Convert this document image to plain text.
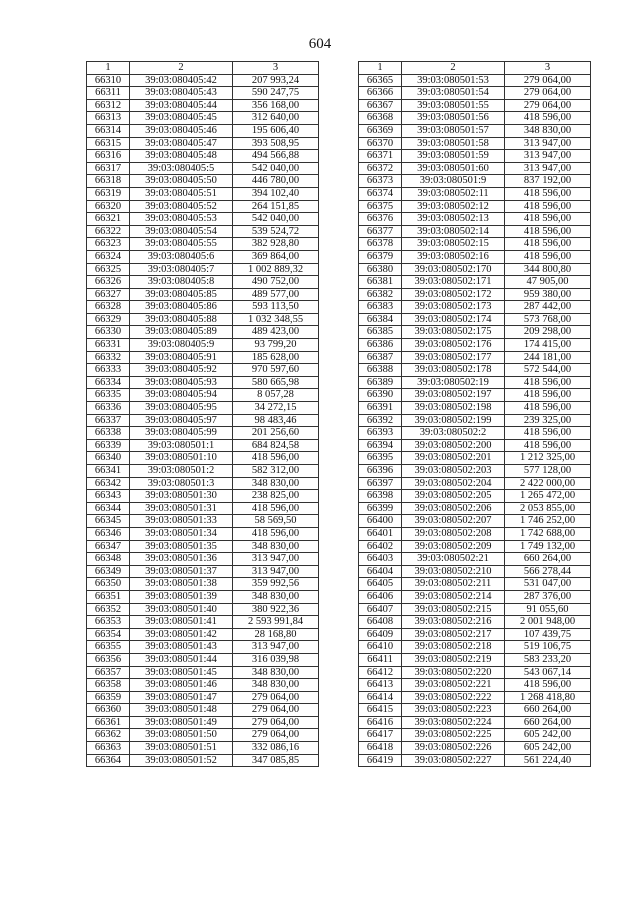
604
1	2	3
66310	39:03:080405:42	207 993,24
66311	39:03:080405:43	590 247,75
66312	39:03:080405:44	356 168,00
66313	39:03:080405:45	312 640,00
66314	39:03:080405:46	195 606,40
66315	39:03:080405:47	393 508,95
66316	39:03:080405:48	494 566,88
66317	39:03:080405:5	542 040,00
66318	39:03:080405:50	446 780,00
66319	39:03:080405:51	394 102,40
66320	39:03:080405:52	264 151,85
66321	39:03:080405:53	542 040,00
66322	39:03:080405:54	539 524,72
66323	39:03:080405:55	382 928,80
66324	39:03:080405:6	369 864,00
66325	39:03:080405:7	1 002 889,32
66326	39:03:080405:8	490 752,00
66327	39:03:080405:85	489 577,00
66328	39:03:080405:86	593 113,50
66329	39:03:080405:88	1 032 348,55
66330	39:03:080405:89	489 423,00
66331	39:03:080405:9	93 799,20
66332	39:03:080405:91	185 628,00
66333	39:03:080405:92	970 597,60
66334	39:03:080405:93	580 665,98
66335	39:03:080405:94	8 057,28
66336	39:03:080405:95	34 272,15
66337	39:03:080405:97	98 483,46
66338	39:03:080405:99	201 256,60
66339	39:03:080501:1	684 824,58
66340	39:03:080501:10	418 596,00
66341	39:03:080501:2	582 312,00
66342	39:03:080501:3	348 830,00
66343	39:03:080501:30	238 825,00
66344	39:03:080501:31	418 596,00
66345	39:03:080501:33	58 569,50
66346	39:03:080501:34	418 596,00
66347	39:03:080501:35	348 830,00
66348	39:03:080501:36	313 947,00
66349	39:03:080501:37	313 947,00
66350	39:03:080501:38	359 992,56
66351	39:03:080501:39	348 830,00
66352	39:03:080501:40	380 922,36
66353	39:03:080501:41	2 593 991,84
66354	39:03:080501:42	28 168,80
66355	39:03:080501:43	313 947,00
66356	39:03:080501:44	316 039,98
66357	39:03:080501:45	348 830,00
66358	39:03:080501:46	348 830,00
66359	39:03:080501:47	279 064,00
66360	39:03:080501:48	279 064,00
66361	39:03:080501:49	279 064,00
66362	39:03:080501:50	279 064,00
66363	39:03:080501:51	332 086,16
66364	39:03:080501:52	347 085,85
1	2	3
66365	39:03:080501:53	279 064,00
66366	39:03:080501:54	279 064,00
66367	39:03:080501:55	279 064,00
66368	39:03:080501:56	418 596,00
66369	39:03:080501:57	348 830,00
66370	39:03:080501:58	313 947,00
66371	39:03:080501:59	313 947,00
66372	39:03:080501:60	313 947,00
66373	39:03:080501:9	837 192,00
66374	39:03:080502:11	418 596,00
66375	39:03:080502:12	418 596,00
66376	39:03:080502:13	418 596,00
66377	39:03:080502:14	418 596,00
66378	39:03:080502:15	418 596,00
66379	39:03:080502:16	418 596,00
66380	39:03:080502:170	344 800,80
66381	39:03:080502:171	47 905,00
66382	39:03:080502:172	959 380,00
66383	39:03:080502:173	287 442,00
66384	39:03:080502:174	573 768,00
66385	39:03:080502:175	209 298,00
66386	39:03:080502:176	174 415,00
66387	39:03:080502:177	244 181,00
66388	39:03:080502:178	572 544,00
66389	39:03:080502:19	418 596,00
66390	39:03:080502:197	418 596,00
66391	39:03:080502:198	418 596,00
66392	39:03:080502:199	239 325,00
66393	39:03:080502:2	418 596,00
66394	39:03:080502:200	418 596,00
66395	39:03:080502:201	1 212 325,00
66396	39:03:080502:203	577 128,00
66397	39:03:080502:204	2 422 000,00
66398	39:03:080502:205	1 265 472,00
66399	39:03:080502:206	2 053 855,00
66400	39:03:080502:207	1 746 252,00
66401	39:03:080502:208	1 742 688,00
66402	39:03:080502:209	1 749 132,00
66403	39:03:080502:21	660 264,00
66404	39:03:080502:210	566 278,44
66405	39:03:080502:211	531 047,00
66406	39:03:080502:214	287 376,00
66407	39:03:080502:215	91 055,60
66408	39:03:080502:216	2 001 948,00
66409	39:03:080502:217	107 439,75
66410	39:03:080502:218	519 106,75
66411	39:03:080502:219	583 233,20
66412	39:03:080502:220	543 067,14
66413	39:03:080502:221	418 596,00
66414	39:03:080502:222	1 268 418,80
66415	39:03:080502:223	660 264,00
66416	39:03:080502:224	660 264,00
66417	39:03:080502:225	605 242,00
66418	39:03:080502:226	605 242,00
66419	39:03:080502:227	561 224,40
